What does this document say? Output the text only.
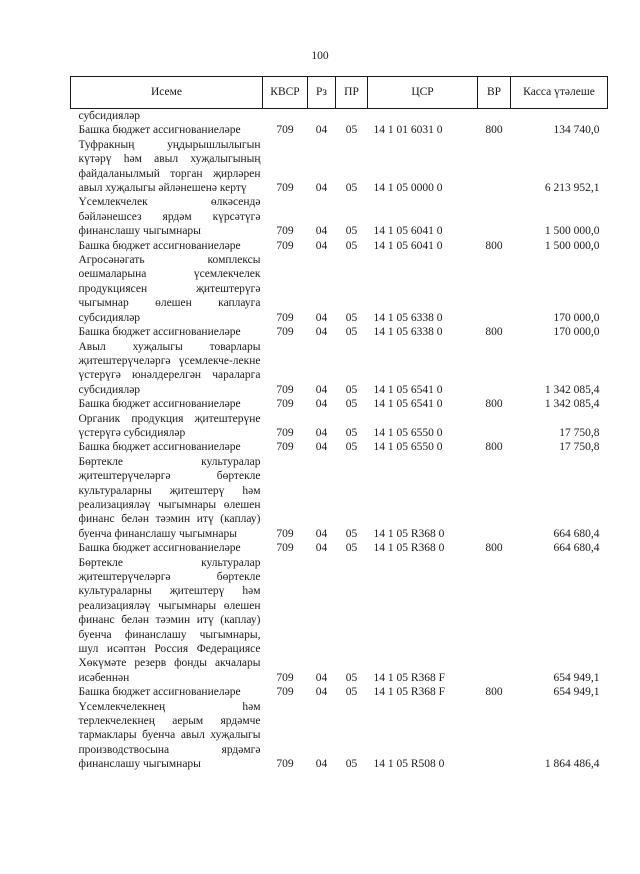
100
Исеме	КВСР	Рз	ПР	ЦСР	ВР	Касса үтәлеше
субсидияләр						
Башка бюджет ассигнованиеләре	709	04	05	14 1 01 6031 0	800	134 740,0
Туфракның уңдырышлылыгын күтәрү һәм авыл хуҗалыгының файдаланылмый торган җирләрен авыл хуҗалыгы әйләнешенә кертү	709	04	05	14 1 05 0000 0		6 213 952,1
Үсемлекчелек өлкәсендә бәйләнешсез ярдәм күрсәтүгә финанслашу чыгымнары	709	04	05	14 1 05 6041 0		1 500 000,0
Башка бюджет ассигнованиеләре	709	04	05	14 1 05 6041 0	800	1 500 000,0
Агросәнәгать комплексы оешмаларына үсемлекчелек продукциясен җитештерүгә чыгымнар өлешен каплауга субсидияләр	709	04	05	14 1 05 6338 0		170 000,0
Башка бюджет ассигнованиеләре	709	04	05	14 1 05 6338 0	800	170 000,0
Авыл хуҗалыгы товарлары җитештерүчеләргә үсемлекче-лекне үстерүгә юнәлдерелгән чараларга субсидияләр	709	04	05	14 1 05 6541 0		1 342 085,4
Башка бюджет ассигнованиеләре	709	04	05	14 1 05 6541 0	800	1 342 085,4
Органик продукция җитештерүне үстерүгә субсидияләр	709	04	05	14 1 05 6550 0		17 750,8
Башка бюджет ассигнованиеләре	709	04	05	14 1 05 6550 0	800	17 750,8
Бөртекле культуралар җитештерүчеләргә бөртекле культураларны җитештерү һәм реализацияләү чыгымнары өлешен финанс белән тәэмин итү (каплау) буенча финанслашу чыгымнары	709	04	05	14 1 05 R368 0		664 680,4
Башка бюджет ассигнованиеләре	709	04	05	14 1 05 R368 0	800	664 680,4
Бөртекле культуралар җитештерүчеләргә бөртекле культураларны җитештерү һәм реализацияләү чыгымнары өлешен финанс белән тәэмин итү (каплау) буенча финанслашу чыгымнары, шул исәптән Россия Федерациясе Хөкүмәте резерв фонды акчалары исәбеннән	709	04	05	14 1 05 R368 F		654 949,1
Башка бюджет ассигнованиеләре	709	04	05	14 1 05 R368 F	800	654 949,1
Үсемлекчелекнең һәм терлекчелекнең аерым ярдәмче тармаклары буенча авыл хуҗалыгы производствосына ярдәмгә финанслашу чыгымнары	709	04	05	14 1 05 R508 0		1 864 486,4
